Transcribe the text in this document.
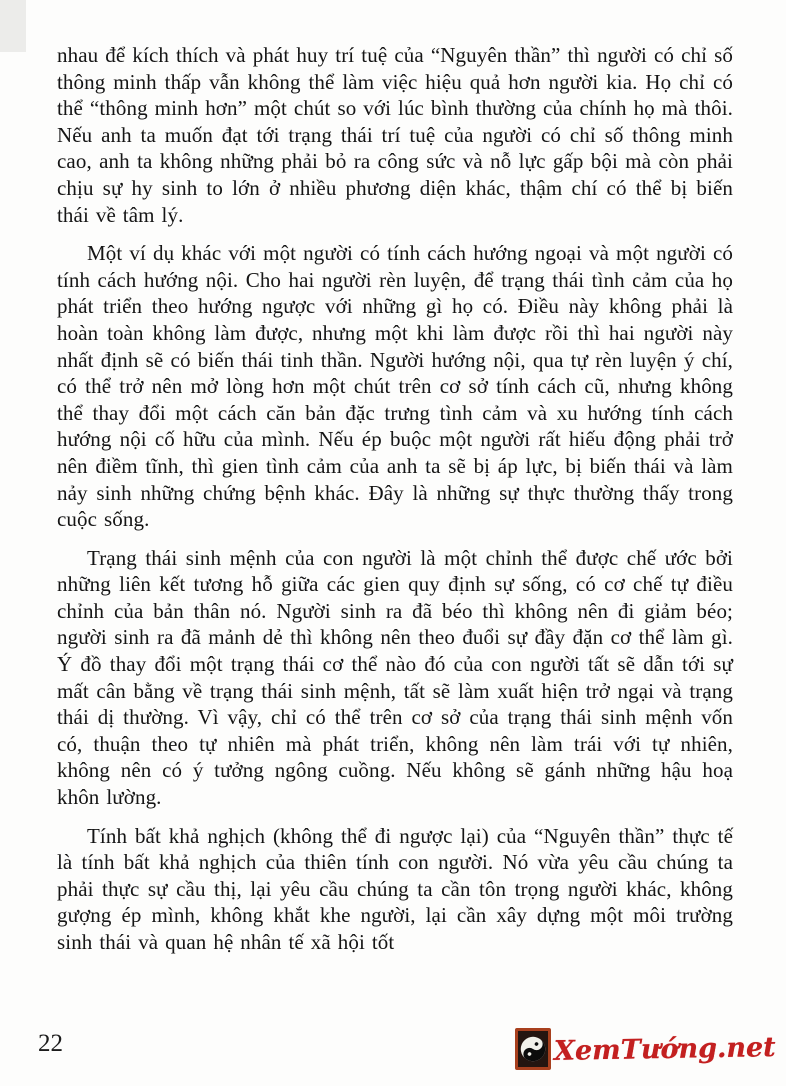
nhau để kích thích và phát huy trí tuệ của “Nguyên thần” thì người có chỉ số thông minh thấp vẫn không thể làm việc hiệu quả hơn người kia. Họ chỉ có thể “thông minh hơn” một chút so với lúc bình thường của chính họ mà thôi. Nếu anh ta muốn đạt tới trạng thái trí tuệ của người có chỉ số thông minh cao, anh ta không những phải bỏ ra công sức và nỗ lực gấp bội mà còn phải chịu sự hy sinh to lớn ở nhiều phương diện khác, thậm chí có thể bị biến thái về tâm lý.

Một ví dụ khác với một người có tính cách hướng ngoại và một người có tính cách hướng nội. Cho hai người rèn luyện, để trạng thái tình cảm của họ phát triển theo hướng ngược với những gì họ có. Điều này không phải là hoàn toàn không làm được, nhưng một khi làm được rồi thì hai người này nhất định sẽ có biến thái tinh thần. Người hướng nội, qua tự rèn luyện ý chí, có thể trở nên mở lòng hơn một chút trên cơ sở tính cách cũ, nhưng không thể thay đổi một cách căn bản đặc trưng tình cảm và xu hướng tính cách hướng nội cố hữu của mình. Nếu ép buộc một người rất hiếu động phải trở nên điềm tĩnh, thì gien tình cảm của anh ta sẽ bị áp lực, bị biến thái và làm nảy sinh những chứng bệnh khác. Đây là những sự thực thường thấy trong cuộc sống.

Trạng thái sinh mệnh của con người là một chỉnh thể được chế ước bởi những liên kết tương hỗ giữa các gien quy định sự sống, có cơ chế tự điều chỉnh của bản thân nó. Người sinh ra đã béo thì không nên đi giảm béo; người sinh ra đã mảnh dẻ thì không nên theo đuổi sự đầy đặn cơ thể làm gì. Ý đồ thay đổi một trạng thái cơ thể nào đó của con người tất sẽ dẫn tới sự mất cân bằng về trạng thái sinh mệnh, tất sẽ làm xuất hiện trở ngại và trạng thái dị thường. Vì vậy, chỉ có thể trên cơ sở của trạng thái sinh mệnh vốn có, thuận theo tự nhiên mà phát triển, không nên làm trái với tự nhiên, không nên có ý tưởng ngông cuồng. Nếu không sẽ gánh những hậu hoạ khôn lường.

Tính bất khả nghịch (không thể đi ngược lại) của “Nguyên thần” thực tế là tính bất khả nghịch của thiên tính con người. Nó vừa yêu cầu chúng ta phải thực sự cầu thị, lại yêu cầu chúng ta cần tôn trọng người khác, không gượng ép mình, không khắt khe người, lại cần xây dựng một môi trường sinh thái và quan hệ nhân tế xã hội tốt

22	XemTướng.net
